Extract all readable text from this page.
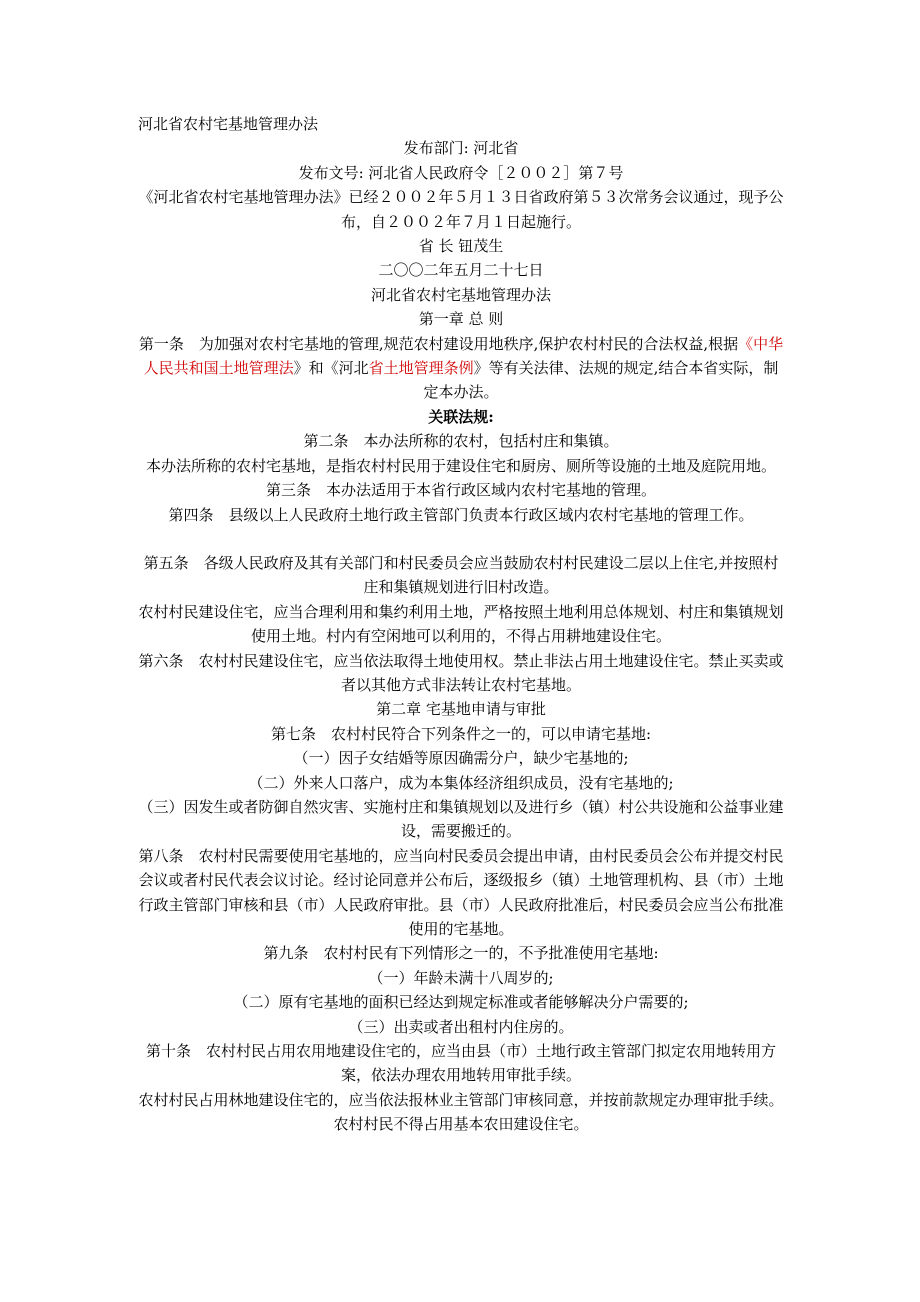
河北省农村宅基地管理办法

发布部门: 河北省

发布文号: 河北省人民政府令［２００２］第７号

《河北省农村宅基地管理办法》已经２００２年５月１３日省政府第５３次常务会议通过，现予公布，自２００２年７月１日起施行。

省 长 钮茂生

二〇〇二年五月二十七日

河北省农村宅基地管理办法

第一章 总 则

第一条　为加强对农村宅基地的管理,规范农村建设用地秩序,保护农村村民的合法权益,根据《中华人民共和国土地管理法》和《河北省土地管理条例》等有关法律、法规的规定,结合本省实际，制定本办法。

关联法规:

第二条　本办法所称的农村，包括村庄和集镇。

本办法所称的农村宅基地，是指农村村民用于建设住宅和厨房、厕所等设施的土地及庭院用地。

第三条　本办法适用于本省行政区域内农村宅基地的管理。

第四条　县级以上人民政府土地行政主管部门负责本行政区域内农村宅基地的管理工作。

第五条　各级人民政府及其有关部门和村民委员会应当鼓励农村村民建设二层以上住宅,并按照村庄和集镇规划进行旧村改造。

农村村民建设住宅，应当合理利用和集约利用土地，严格按照土地利用总体规划、村庄和集镇规划使用土地。村内有空闲地可以利用的，不得占用耕地建设住宅。

第六条　农村村民建设住宅，应当依法取得土地使用权。禁止非法占用土地建设住宅。禁止买卖或者以其他方式非法转让农村宅基地。

第二章 宅基地申请与审批

第七条　农村村民符合下列条件之一的，可以申请宅基地:

（一）因子女结婚等原因确需分户，缺少宅基地的;

（二）外来人口落户，成为本集体经济组织成员，没有宅基地的;

（三）因发生或者防御自然灾害、实施村庄和集镇规划以及进行乡（镇）村公共设施和公益事业建设，需要搬迁的。

第八条　农村村民需要使用宅基地的，应当向村民委员会提出申请，由村民委员会公布并提交村民会议或者村民代表会议讨论。经讨论同意并公布后，逐级报乡（镇）土地管理机构、县（市）土地行政主管部门审核和县（市）人民政府审批。县（市）人民政府批准后，村民委员会应当公布批准使用的宅基地。

第九条　农村村民有下列情形之一的，不予批准使用宅基地:

（一）年龄未满十八周岁的;

（二）原有宅基地的面积已经达到规定标准或者能够解决分户需要的;

（三）出卖或者出租村内住房的。

第十条　农村村民占用农用地建设住宅的，应当由县（市）土地行政主管部门拟定农用地转用方案，依法办理农用地转用审批手续。

农村村民占用林地建设住宅的，应当依法报林业主管部门审核同意，并按前款规定办理审批手续。

农村村民不得占用基本农田建设住宅。
